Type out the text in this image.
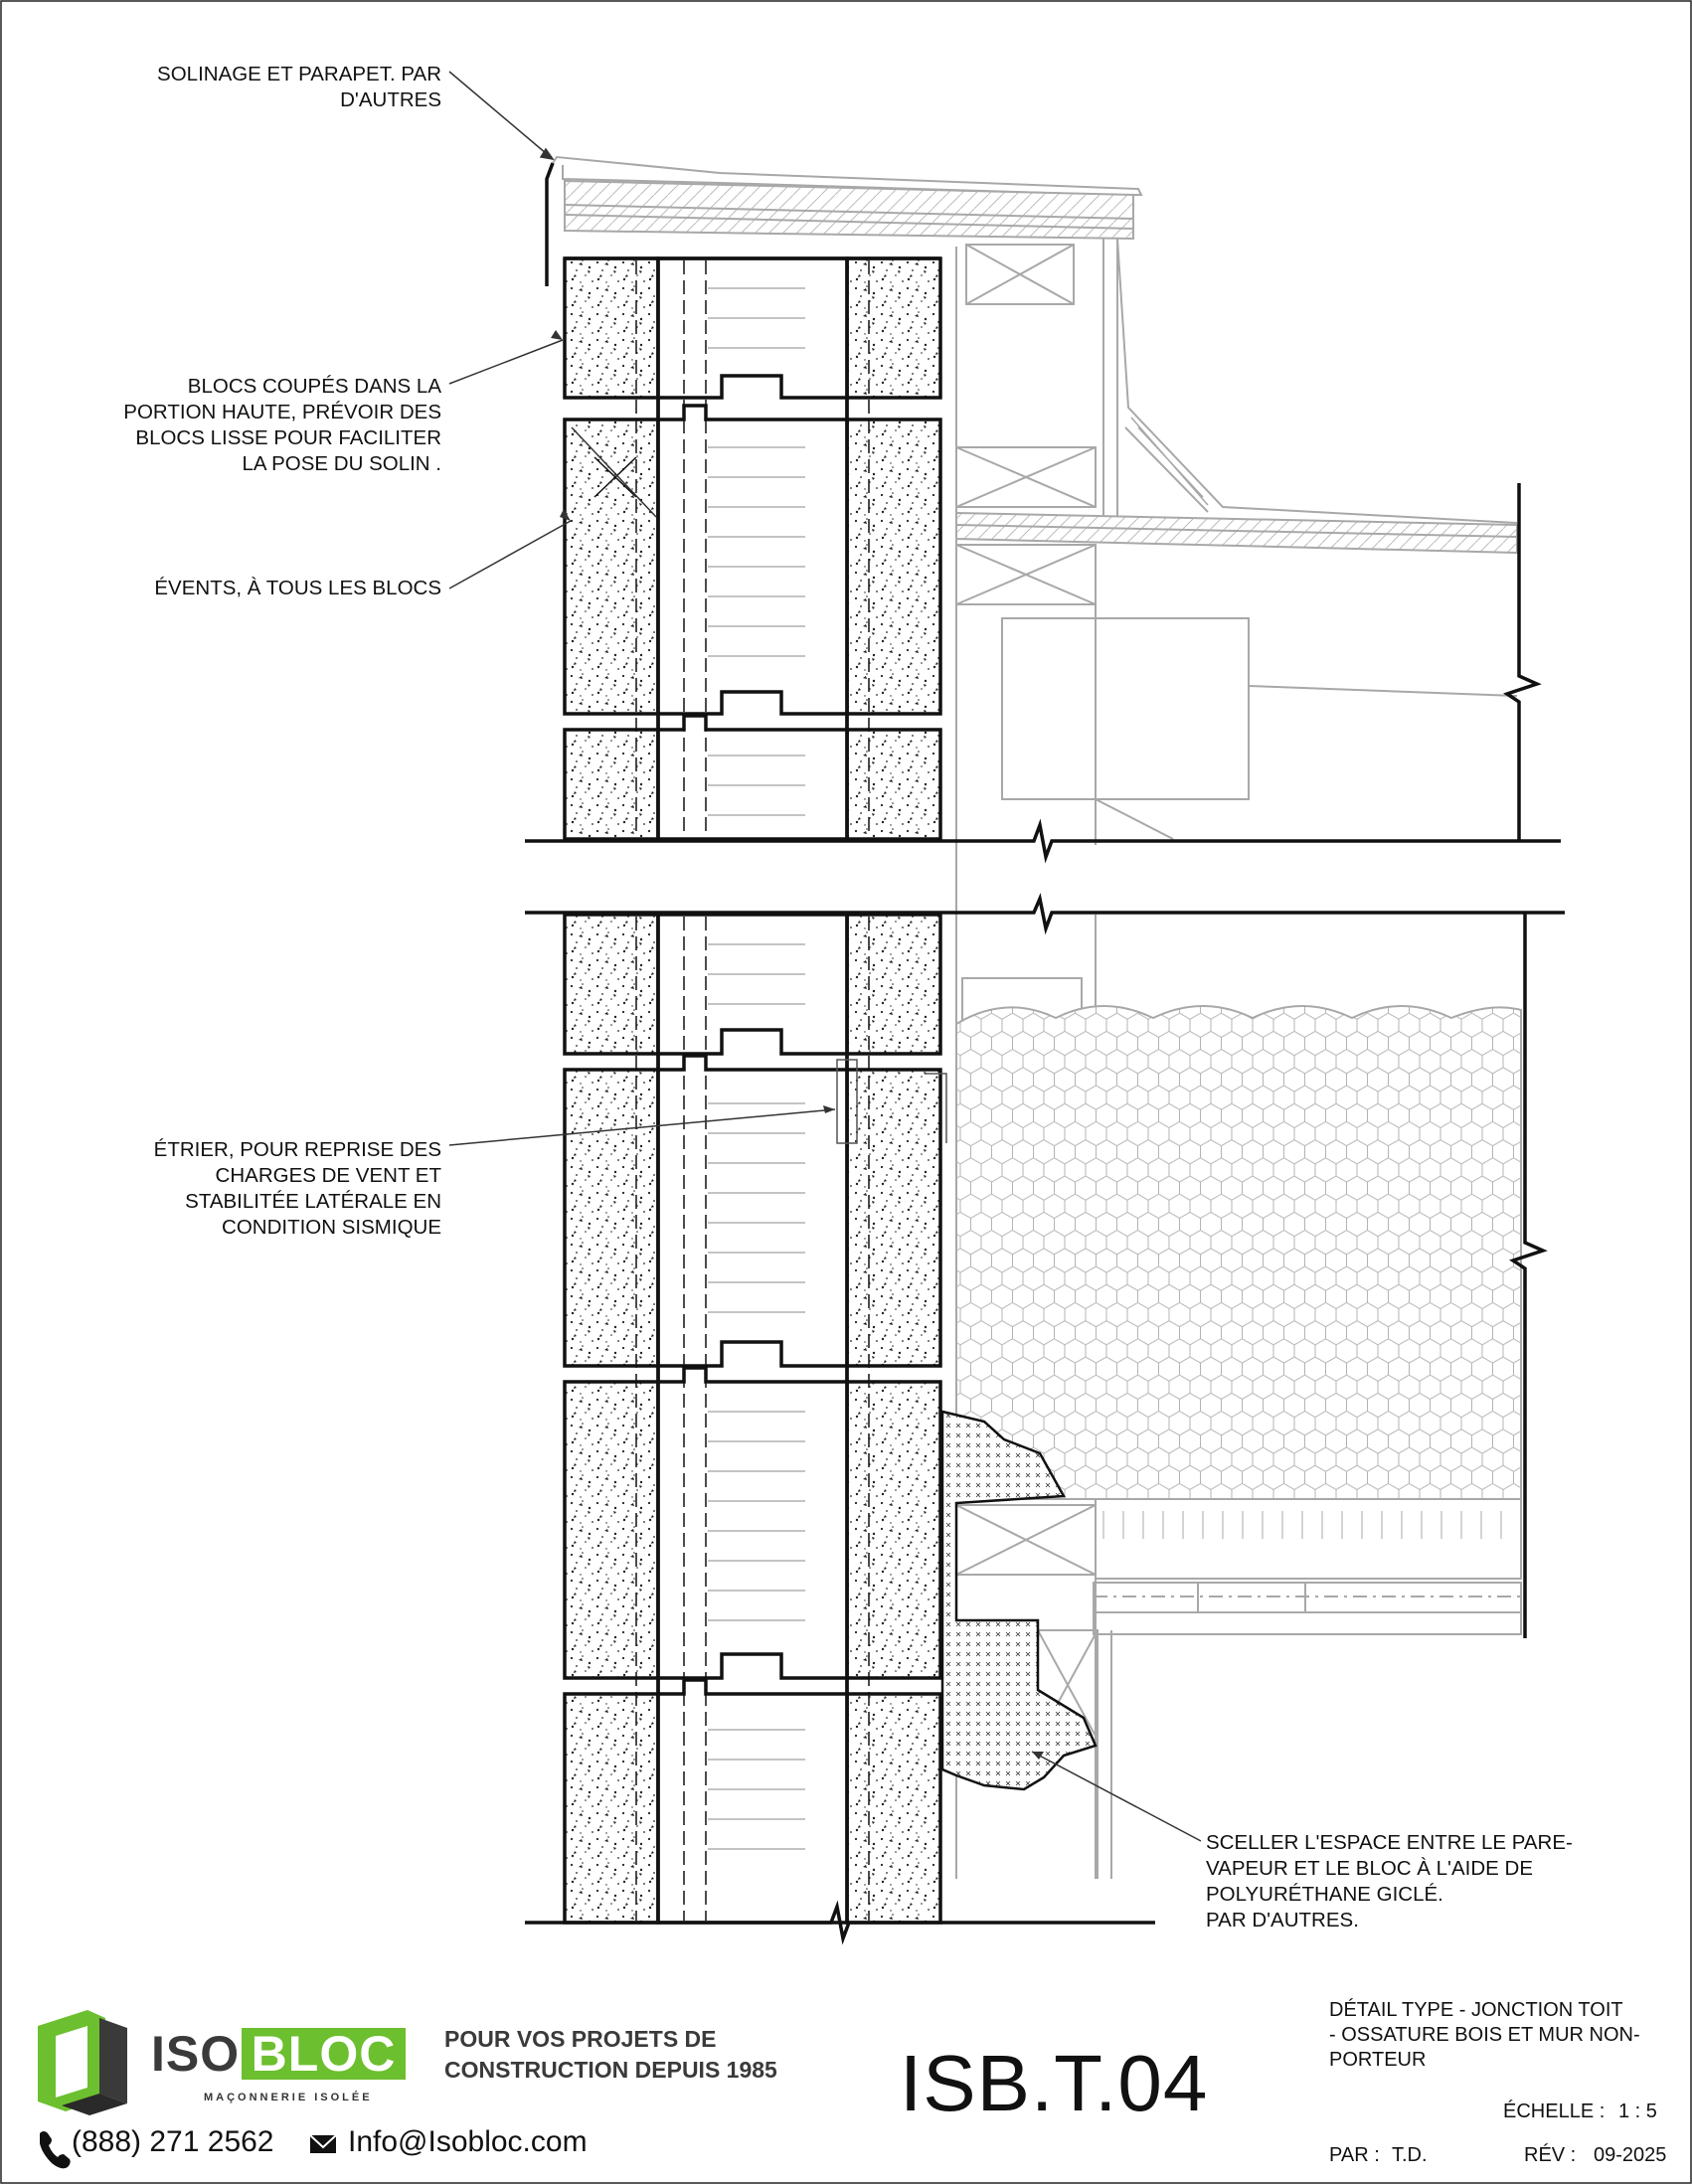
SOLINAGE ET PARAPET. PAR
D'AUTRES
BLOCS COUPÉS DANS LA
PORTION HAUTE, PRÉVOIR DES
BLOCS LISSE POUR FACILITER
LA POSE DU SOLIN .
ÉVENTS, À TOUS LES BLOCS
ÉTRIER, POUR REPRISE DES
CHARGES DE VENT ET
STABILITÉE LATÉRALE EN
CONDITION SISMIQUE
SCELLER L'ESPACE ENTRE LE PARE-
VAPEUR ET LE BLOC À L'AIDE DE
POLYURÉTHANE GICLÉ.
PAR D'AUTRES.
ISO BLOC
MAÇONNERIE ISOLÉE
POUR VOS PROJETS DE
CONSTRUCTION DEPUIS 1985
(888) 271 2562 Info@Isobloc.com
ISB.T.04
DÉTAIL TYPE - JONCTION TOIT
- OSSATURE BOIS ET MUR NON-
PORTEUR
ÉCHELLE : 1 : 5
PAR : T.D.	RÉV : 09-2025
